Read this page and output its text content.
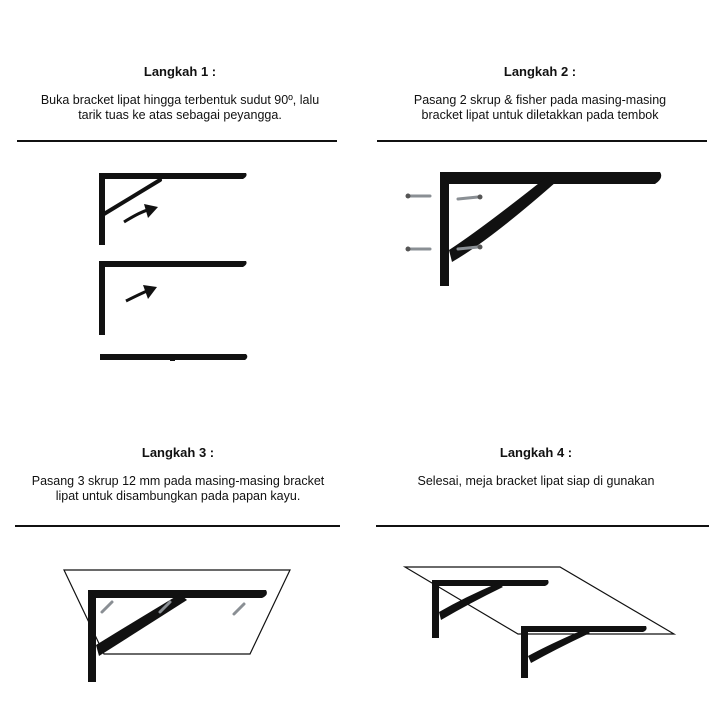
Langkah 1 :

Buka bracket lipat hingga terbentuk sudut 90º, lalu
tarik tuas ke atas sebagai peyangga.

Langkah 2 :

Pasang 2 skrup & fisher pada masing-masing
bracket lipat untuk diletakkan pada tembok

Langkah 3 :

Pasang 3 skrup 12 mm pada masing-masing bracket
lipat untuk disambungkan pada papan kayu.

Langkah 4 :

Selesai, meja bracket lipat siap di gunakan
